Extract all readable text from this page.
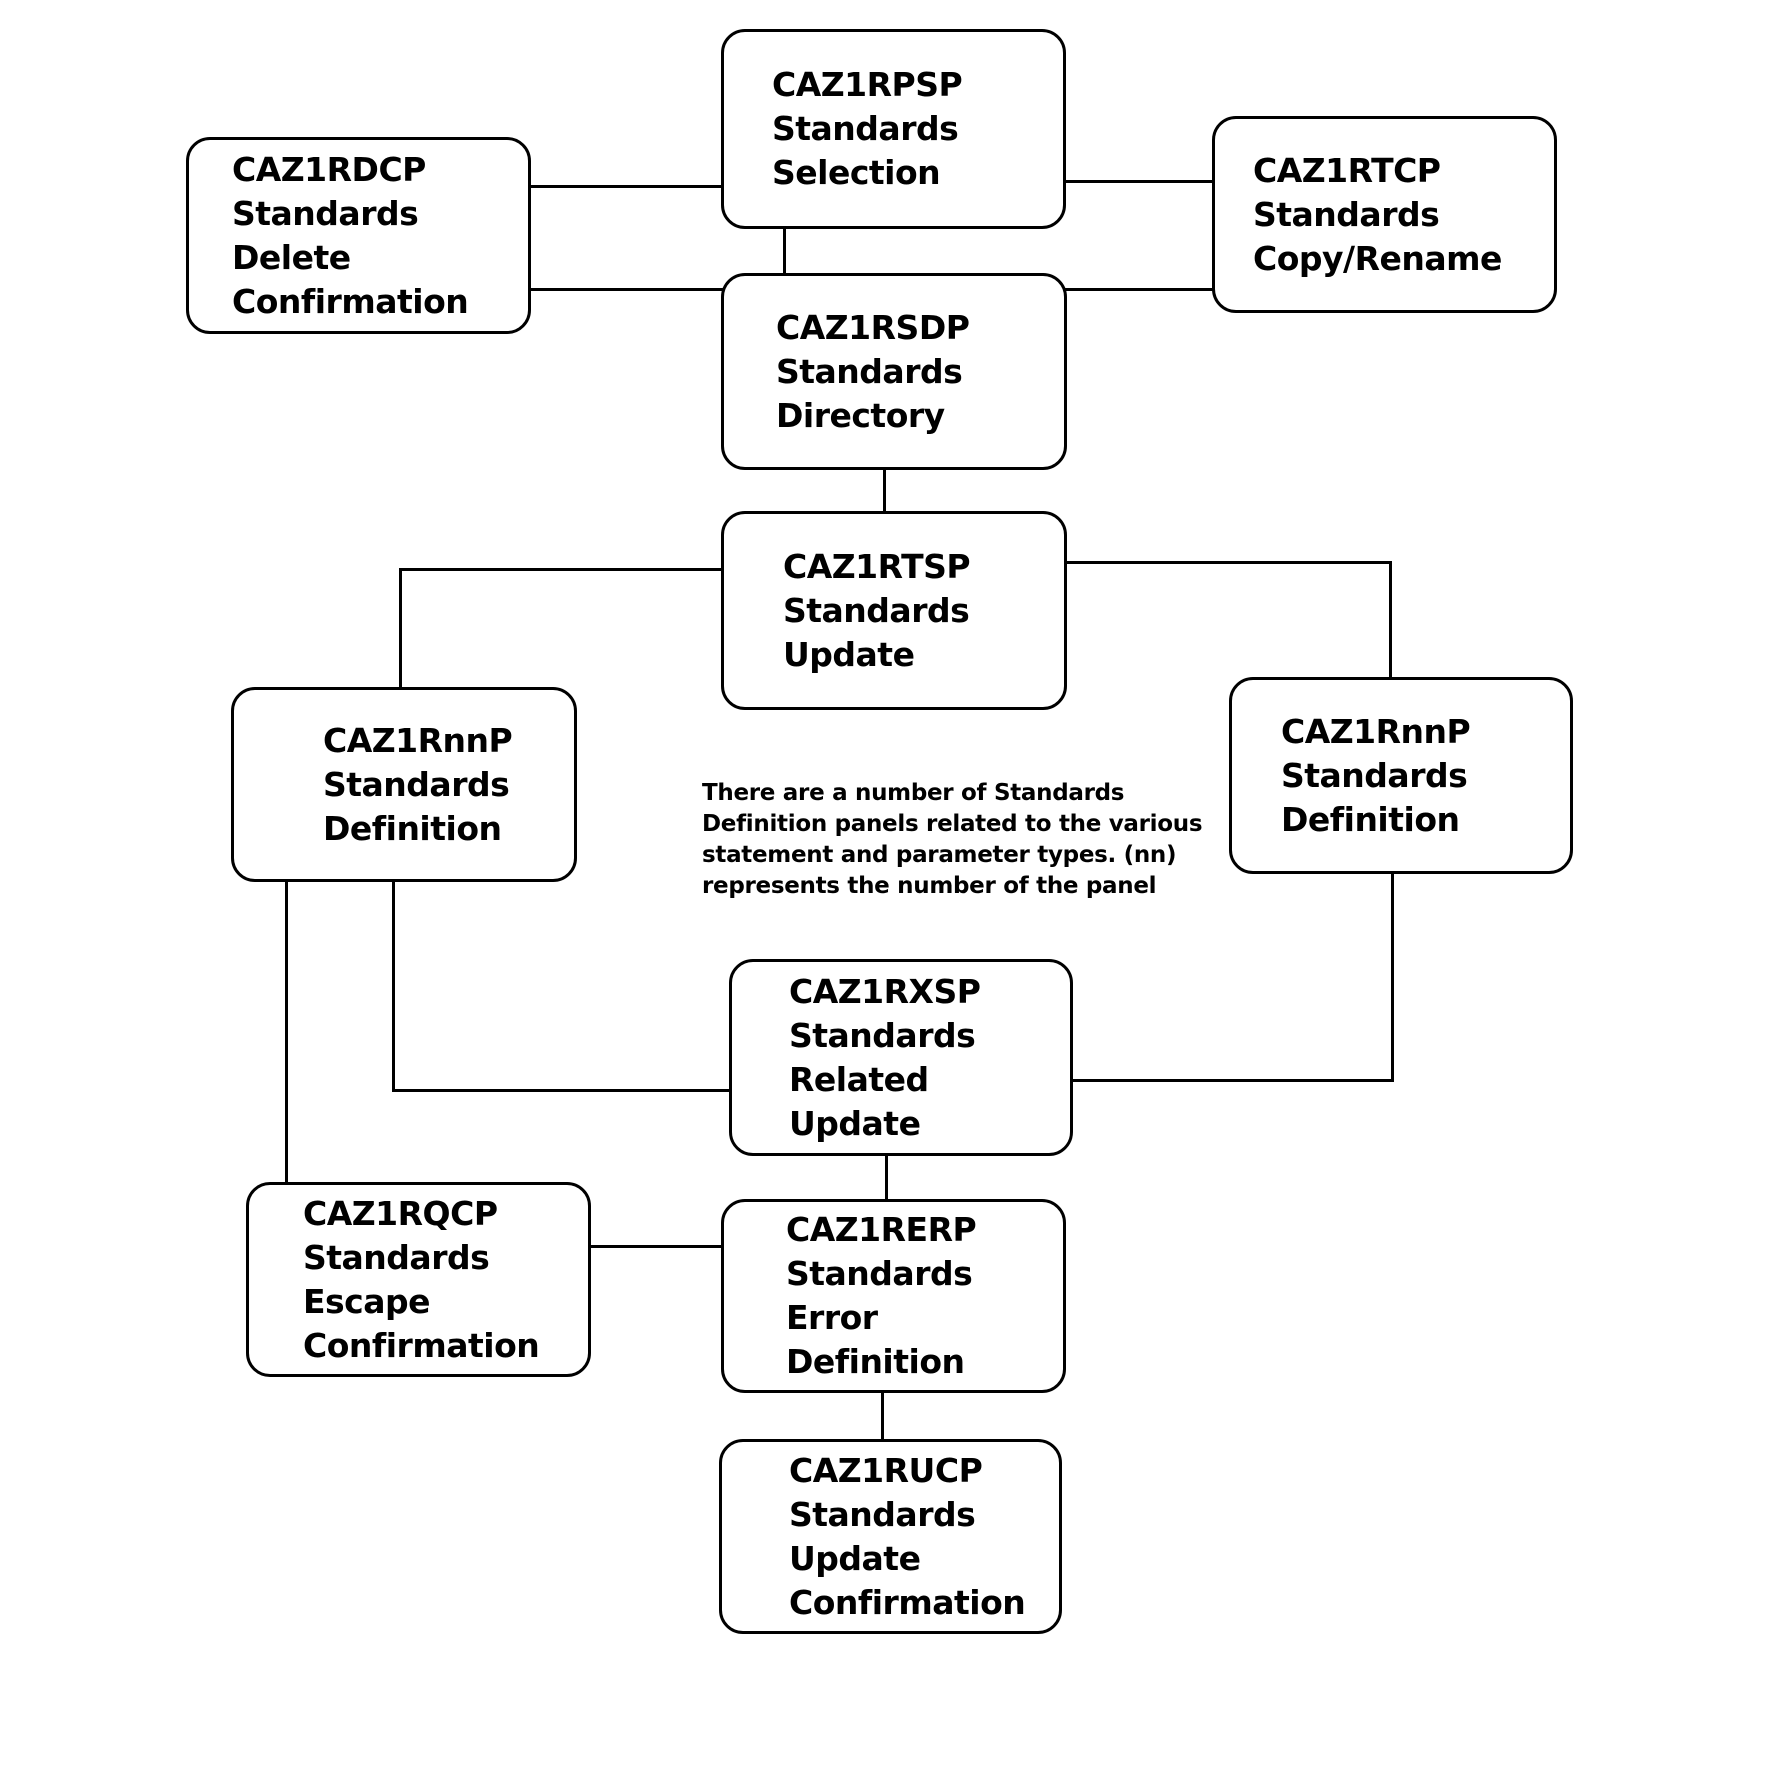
CAZ1RDCP
Standards
Delete
Confirmation
CAZ1RPSP
Standards
Selection	CAZ1RTCP
Standards
Copy/Rename
CAZ1RSDP
Standards
Directory
CAZ1RTSP
Standards
Update
CAZ1RnnP
Standards
Definition
CAZ1RnnP
Standards
Definition
CAZ1RXSP
Standards
Related
Update
CAZ1RQCP
Standards
Escape
Confirmation
CAZ1RERP
Standards
Error
Definition
CAZ1RUCP
Standards
Update
Confirmation
There are a number of Standards
Definition panels related to the various
statement and parameter types. (nn)
represents the number of the panel
